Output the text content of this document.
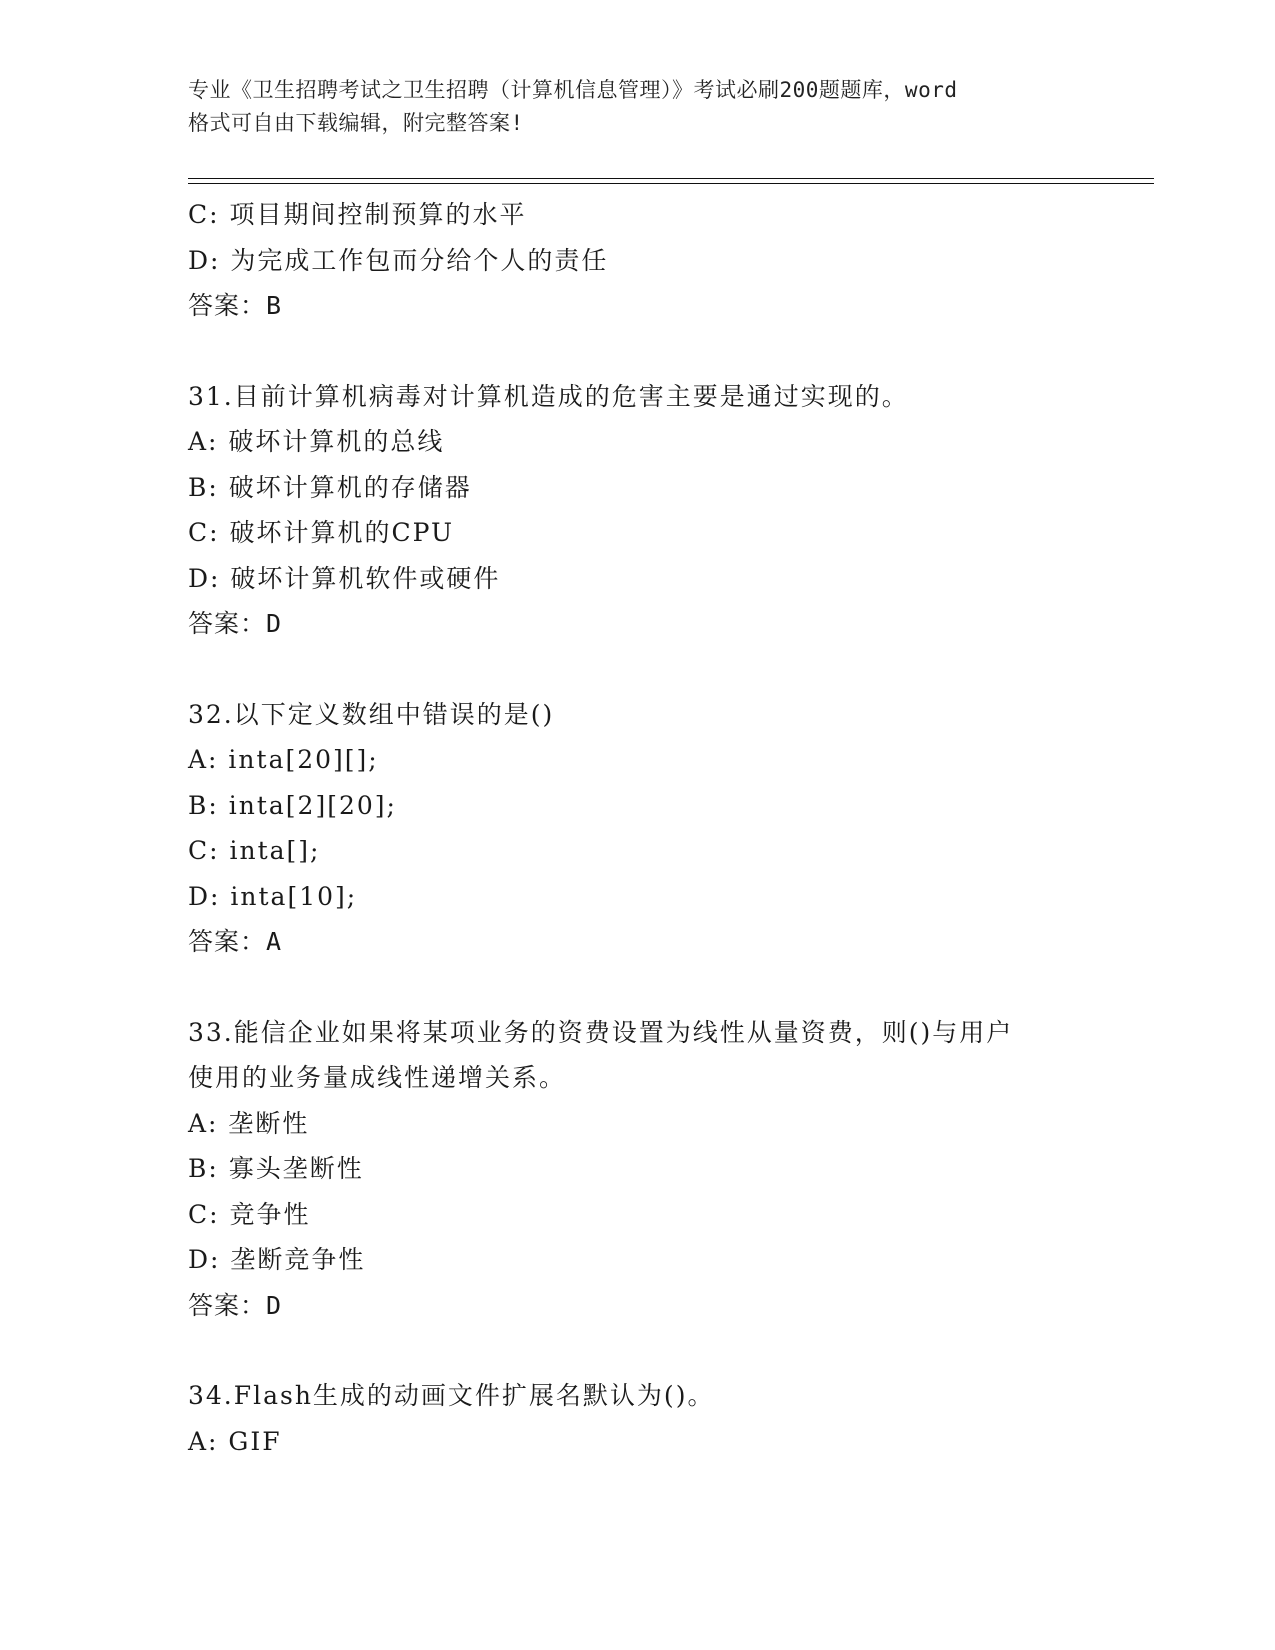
专业《卫生招聘考试之卫生招聘（计算机信息管理）》考试必刷200题题库，word
格式可自由下载编辑，附完整答案!
C: 项目期间控制预算的水平
D: 为完成工作包而分给个人的责任
答案：B
31.目前计算机病毒对计算机造成的危害主要是通过实现的。
A: 破坏计算机的总线
B: 破坏计算机的存储器
C: 破坏计算机的CPU
D: 破坏计算机软件或硬件
答案：D
32.以下定义数组中错误的是()
A: inta[20][];
B: inta[2][20];
C: inta[];
D: inta[10];
答案：A
33.能信企业如果将某项业务的资费设置为线性从量资费，则()与用户
使用的业务量成线性递增关系。
A: 垄断性
B: 寡头垄断性
C: 竞争性
D: 垄断竞争性
答案：D
34.Flash生成的动画文件扩展名默认为()。
A: GIF
